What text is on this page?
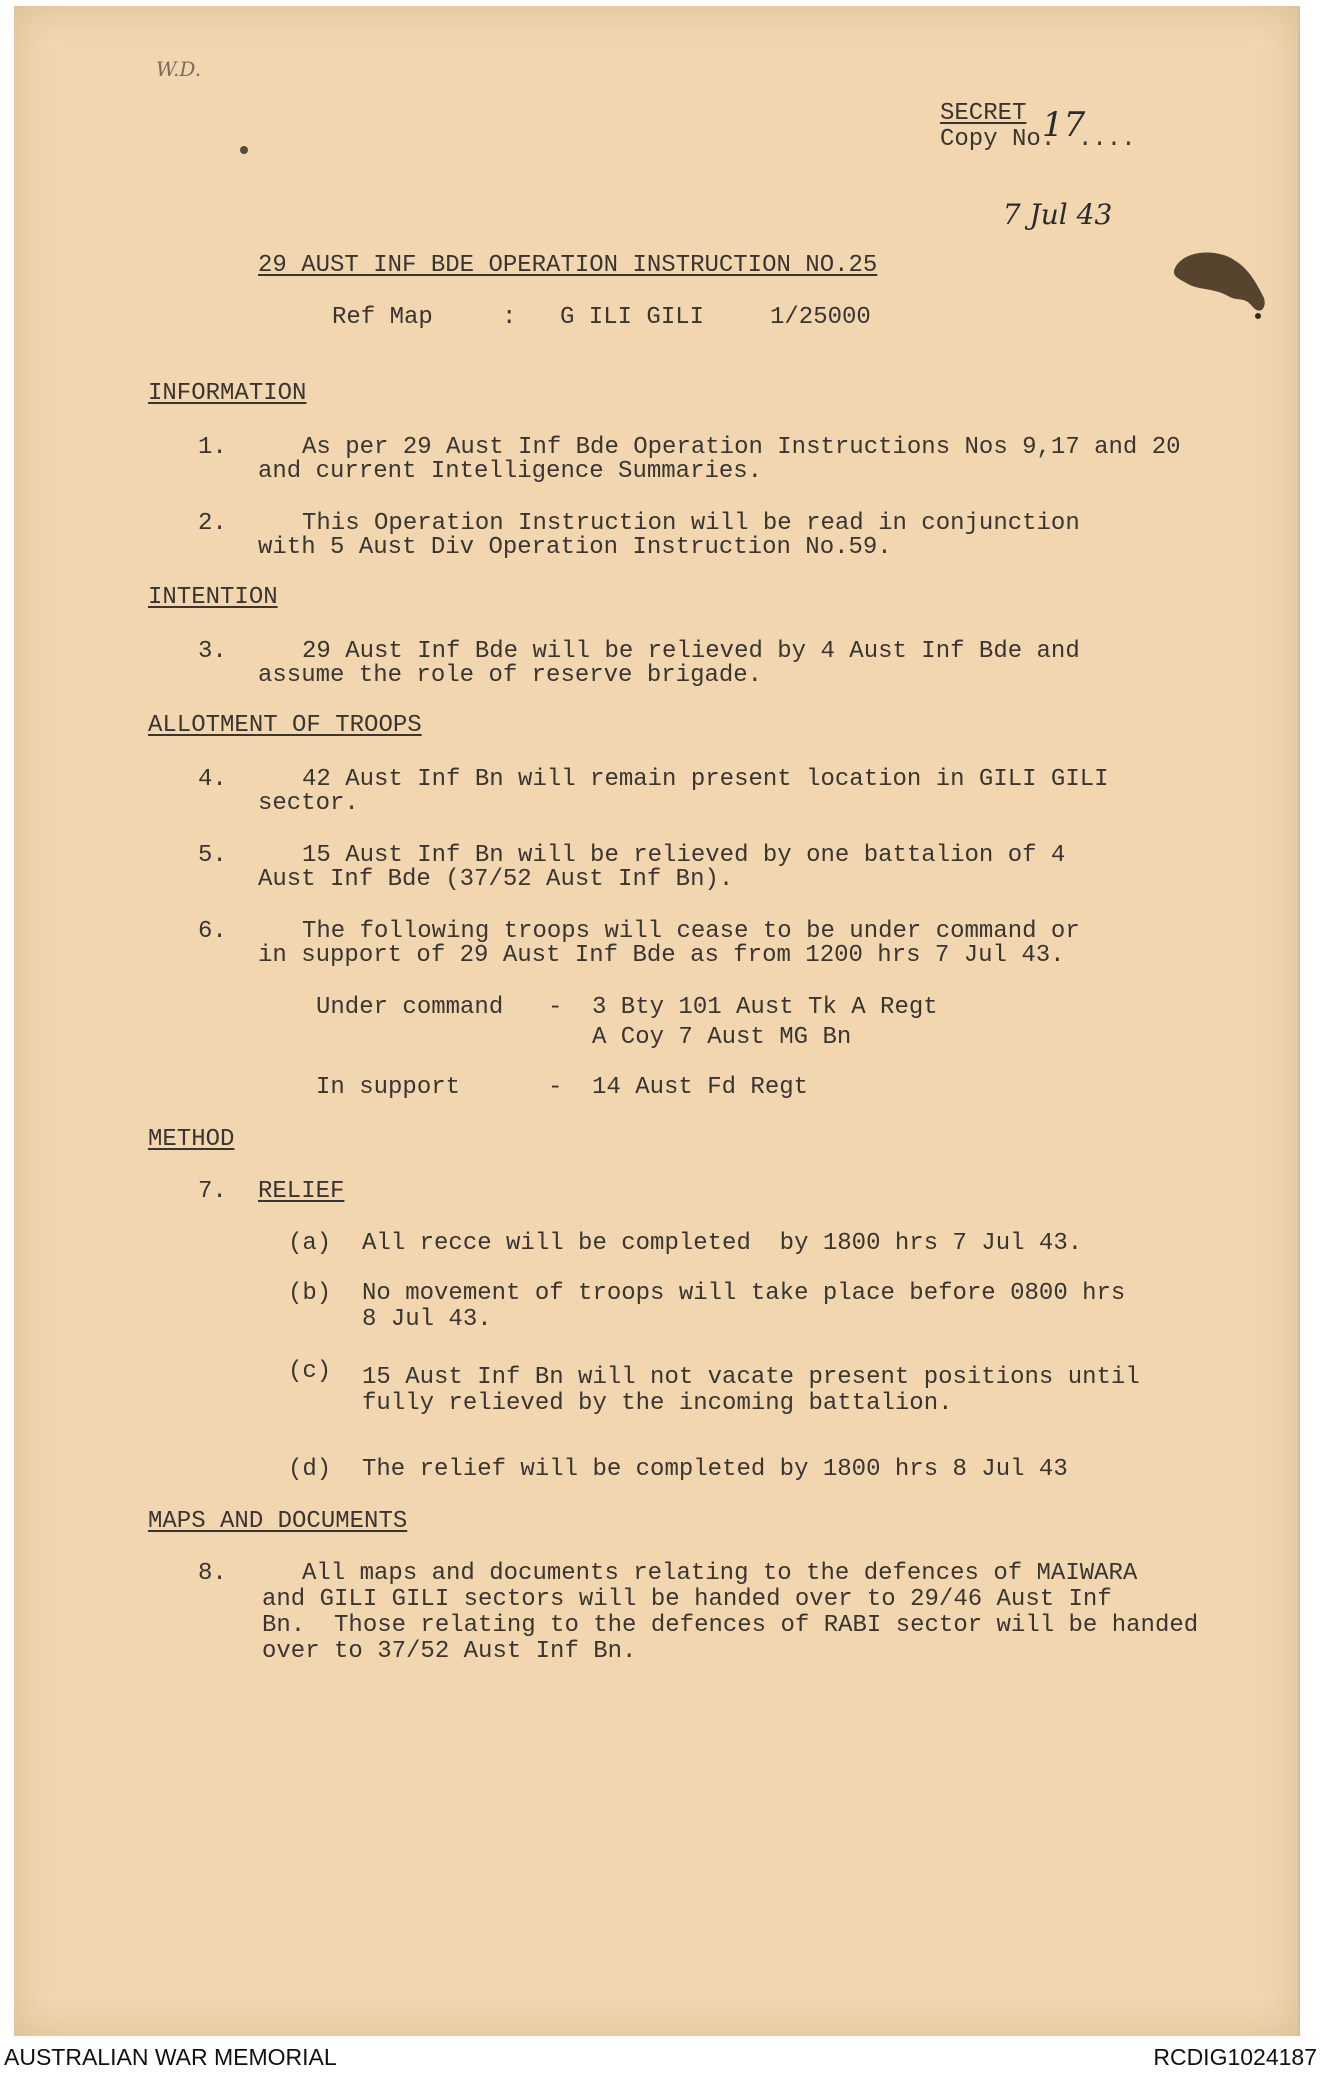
W.D.
SECRET
Copy No.
17
....

7 Jul 43

29 AUST INF BDE OPERATION INSTRUCTION NO.25
Ref Map	: G ILI GILI	1/25000
INFORMATION
1.	As per 29 Aust Inf Bde Operation Instructions Nos 9,17 and 20
and current Intelligence Summaries.
2.	This Operation Instruction will be read in conjunction
with 5 Aust Div Operation Instruction No.59.
INTENTION
3.	29 Aust Inf Bde will be relieved by 4 Aust Inf Bde and
assume the role of reserve brigade.
ALLOTMENT OF TROOPS
4.	42 Aust Inf Bn will remain present location in GILI GILI
sector.
5.	15 Aust Inf Bn will be relieved by one battalion of 4
Aust Inf Bde (37/52 Aust Inf Bn).
6.	The following troops will cease to be under command or
in support of 29 Aust Inf Bde as from 1200 hrs 7 Jul 43.
Under command - 3 Bty 101 Aust Tk A Regt
A Coy 7 Aust MG Bn
In support	- 14 Aust Fd Regt
METHOD
7. RELIEF
(a) All recce will be completed  by 1800 hrs 7 Jul 43.
(b) No movement of troops will take place before 0800 hrs
8 Jul 43.
(c) 15 Aust Inf Bn will not vacate present positions until
fully relieved by the incoming battalion.
(d) The relief will be completed by 1800 hrs 8 Jul 43
MAPS AND DOCUMENTS
8.	All maps and documents relating to the defences of MAIWARA
and GILI GILI sectors will be handed over to 29/46 Aust Inf
Bn.  Those relating to the defences of RABI sector will be handed
over to 37/52 Aust Inf Bn.
AUSTRALIAN WAR MEMORIAL	RCDIG1024187
